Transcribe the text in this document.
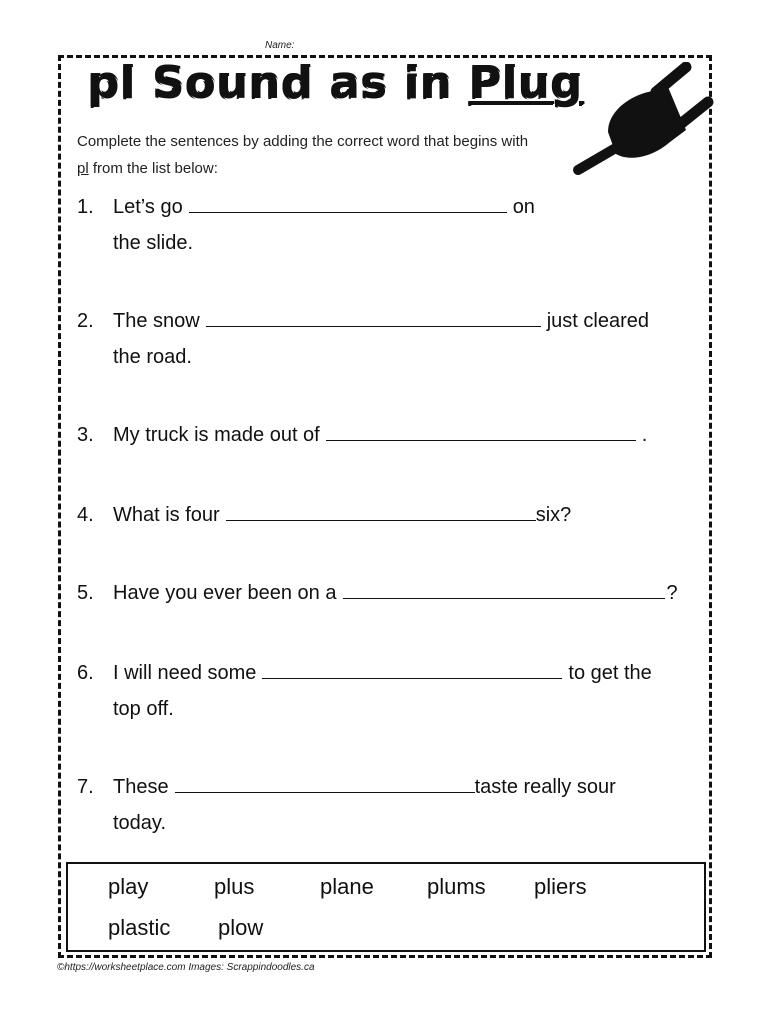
Name:
pl Sound as in Plug
Complete the sentences by adding the correct word that begins with
pl from the list below:
1. Let’s go	on
the slide.
2. The snow	just cleared
the road.
3. My truck is made out of	.
4. What is four	six?
5. Have you ever been on a	?
6. I will need some	to get the
top off.
7. These	taste really sour
today.
play	plus	plane plums pliers
plastic plow
©https://worksheetplace.com Images: Scrappindoodles.ca
